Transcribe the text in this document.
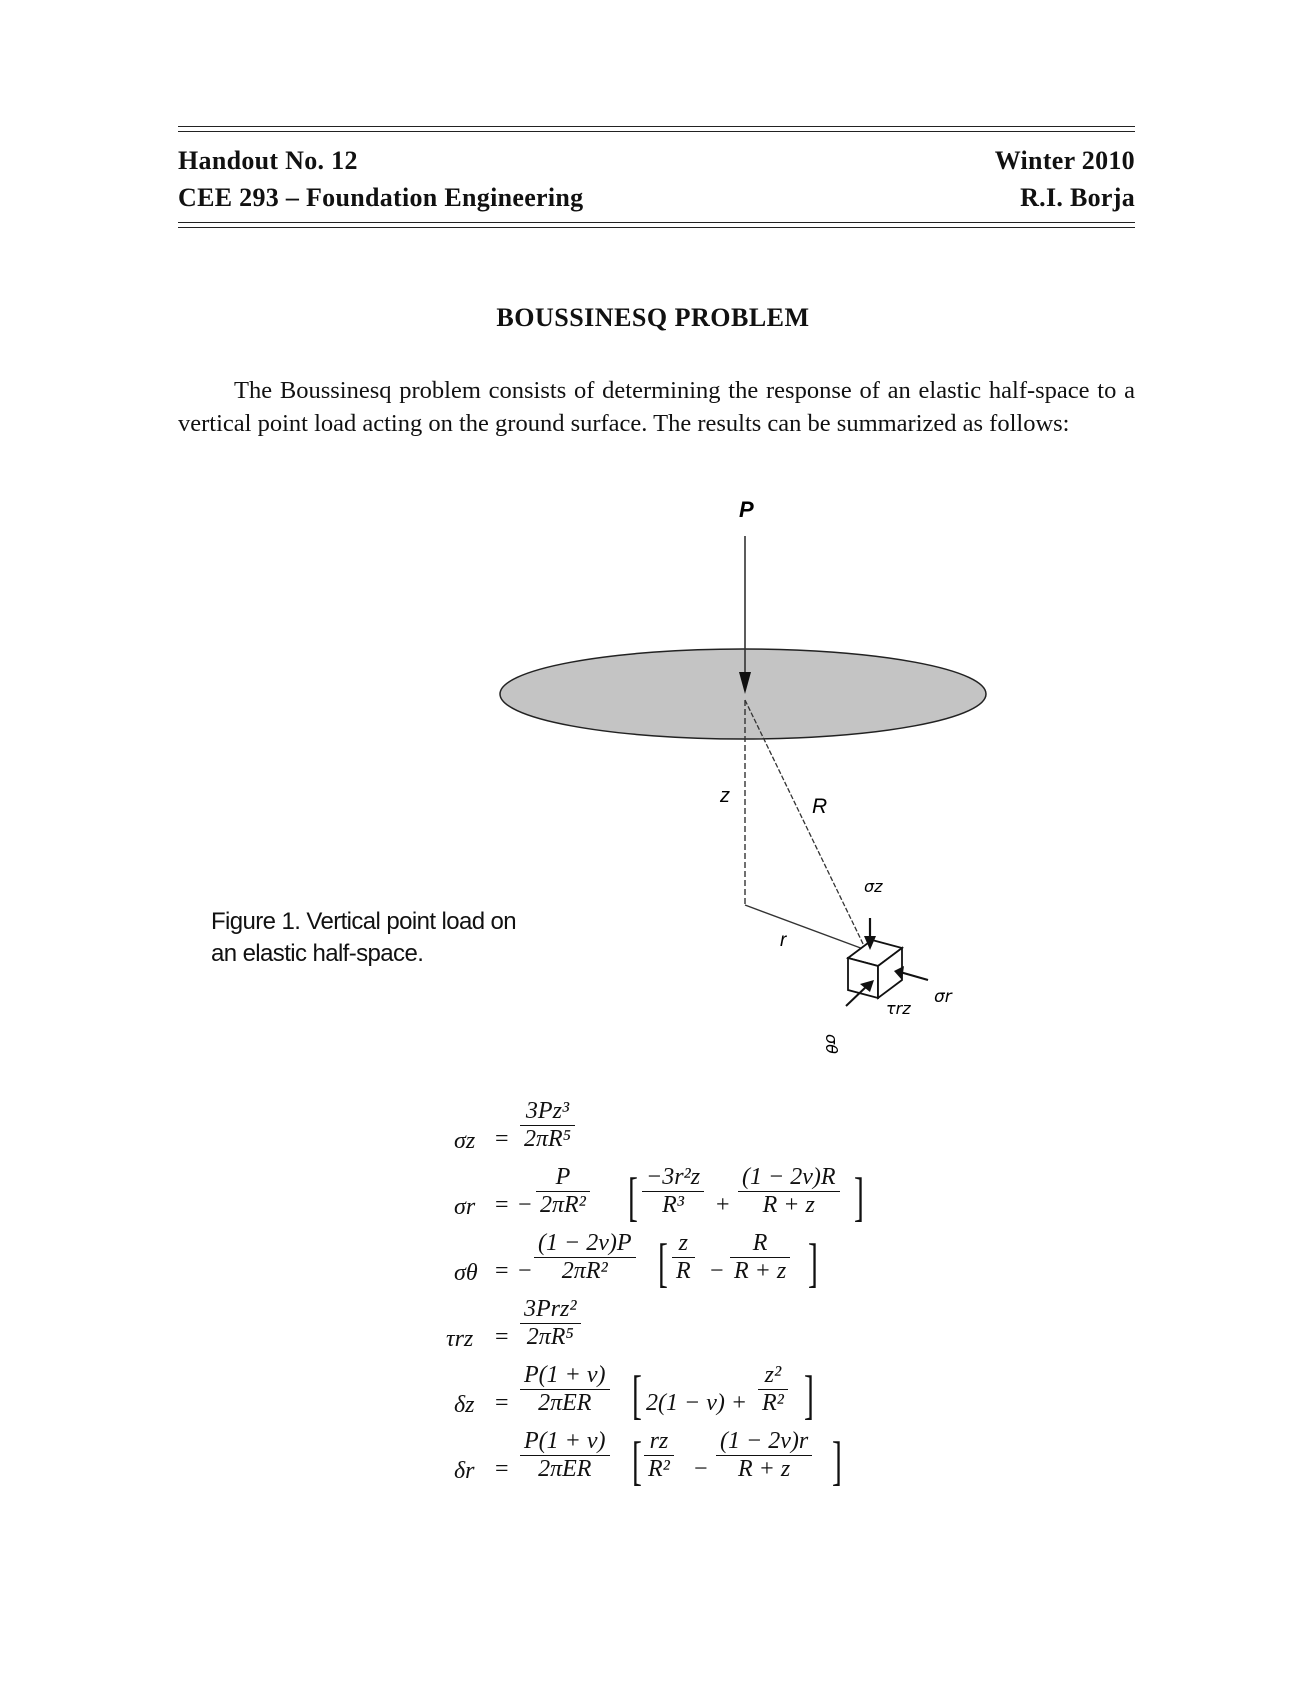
Handout No. 12
CEE 293 – Foundation Engineering
Winter 2010
R.I. Borja
BOUSSINESQ PROBLEM
The Boussinesq problem consists of determining the response of an elastic half-space to a vertical point load acting on the ground surface. The results can be summarized as follows:
P
z	R
r
σz
σr
τrz
σθ
Figure 1. Vertical point load on
an elastic half-space.
$\sigma z = \frac{\text{3Pz³}}{\text{2πR⁵}}$
σr = − $\frac{P}{\text{2πR²}}$ [ $\frac{\text{−3r²z}}{\text{R³}} + \frac{(1 - 2\nu)R}{R + z}$ ]
σθ = − $\frac{(1 - 2\nu)P}{\text{2πR²}}$ [ $\frac{z}{R} - \frac{R}{R + z}$ ]
τrz =
3Prz²
2πR⁵
δz =
P(1 + ν)
2πER [ $2(1 - \nu) + \frac{\text{z²}}{\text{R²}}$ ]
δr =
P(1 + ν)
2πER [ $\frac{rz}{\text{R²}} - \frac{(1 - 2\nu)r}{R + z}$ ]
